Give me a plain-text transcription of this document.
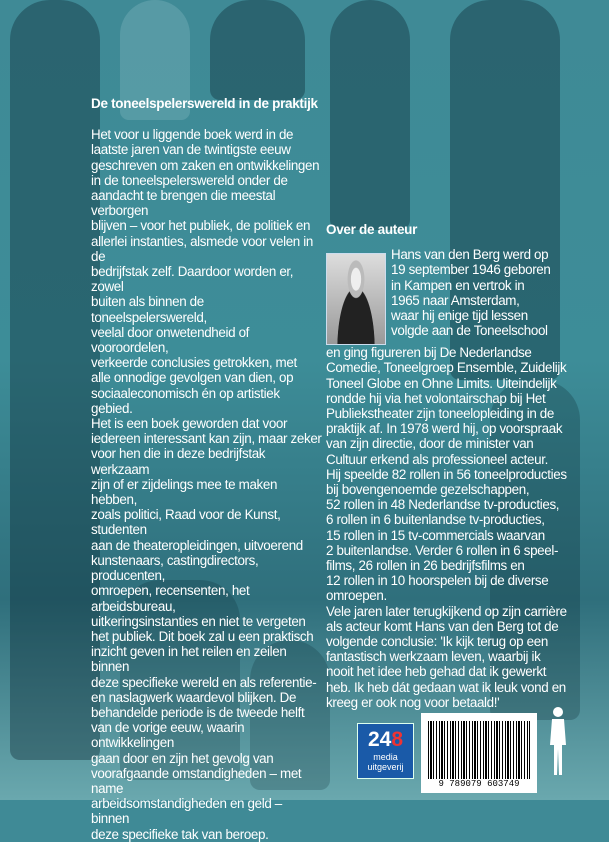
De toneelspelerswereld in de praktijk
Het voor u liggende boek werd in de
laatste jaren van de twintigste eeuw
geschreven om zaken en ontwikkelingen
in de toneelspelerswereld onder de
aandacht te brengen die meestal verborgen
blijven – voor het publiek, de politiek en
allerlei instanties, alsmede voor velen in de
bedrijfstak zelf. Daardoor worden er, zowel
buiten als binnen de toneelspelerswereld,
veelal door onwetendheid of vooroordelen,
verkeerde conclusies getrokken, met
alle onnodige gevolgen van dien, op
sociaaleconomisch én op artistiek gebied.
Het is een boek geworden dat voor
iedereen interessant kan zijn, maar zeker
voor hen die in deze bedrijfstak werkzaam
zijn of er zijdelings mee te maken hebben,
zoals politici, Raad voor de Kunst, studenten
aan de theateropleidingen, uitvoerend
kunstenaars, castingdirectors, producenten,
omroepen, recensenten, het arbeidsbureau,
uitkeringsinstanties en niet te vergeten
het publiek. Dit boek zal u een praktisch
inzicht geven in het reilen en zeilen binnen
deze specifieke wereld en als referentie-
en naslagwerk waardevol blijken. De
behandelde periode is de tweede helft
van de vorige eeuw, waarin ontwikkelingen
gaan door en zijn het gevolg van
voorafgaande omstandigheden – met name
arbeidsomstandigheden en geld – binnen
deze specifieke tak van beroep.
Over de auteur
Hans van den Berg werd op
19 september 1946 geboren
in Kampen en vertrok in
1965 naar Amsterdam,
waar hij enige tijd lessen
volgde aan de Toneelschool
en ging figureren bij De Nederlandse
Comedie, Toneelgroep Ensemble, Zuidelijk
Toneel Globe en Ohne Limits. Uiteindelijk
rondde hij via het volontairschap bij Het
Publiekstheater zijn toneelopleiding in de
praktijk af. In 1978 werd hij, op voorspraak
van zijn directie, door de minister van
Cultuur erkend als professioneel acteur.
Hij speelde 82 rollen in 56 toneelproducties
bij bovengenoemde gezelschappen,
52 rollen in 48 Nederlandse tv-producties,
6 rollen in 6 buitenlandse tv-producties,
15 rollen in 15 tv-commercials waarvan
2 buitenlandse. Verder 6 rollen in 6 speel-
films, 26 rollen in 26 bedrijfsfilms en
12 rollen in 10 hoorspelen bij de diverse
omroepen.
Vele jaren later terugkijkend op zijn carrière
als acteur komt Hans van den Berg tot de
volgende conclusie: 'Ik kijk terug op een
fantastisch werkzaam leven, waarbij ik
nooit het idee heb gehad dat ik gewerkt
heb. Ik heb dát gedaan wat ik leuk vond en
kreeg er ook nog voor betaald!'
248
media
uitgeverij
9 789079 603749
